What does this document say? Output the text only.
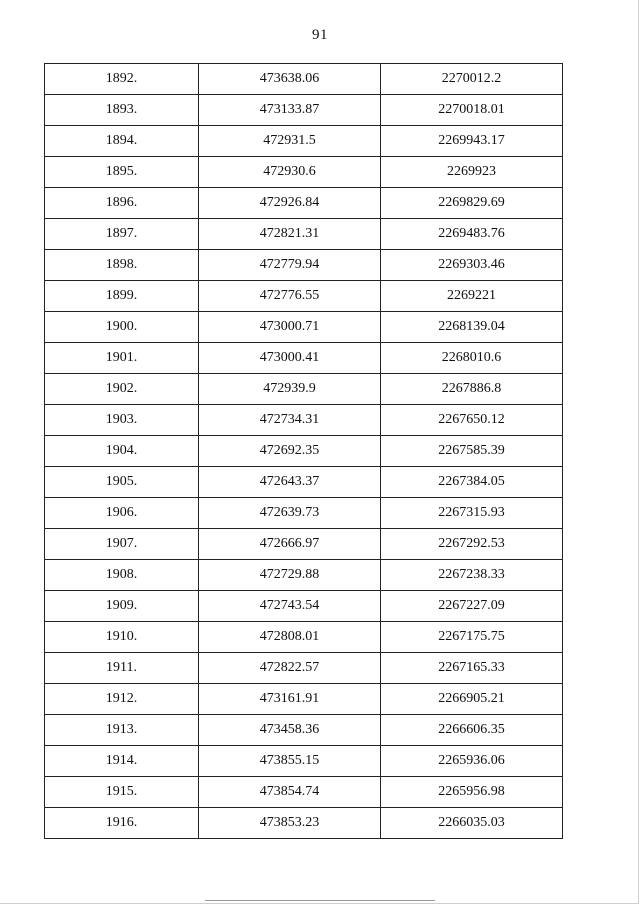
91
1892.	473638.06	2270012.2
1893.	473133.87	2270018.01
1894.	472931.5	2269943.17
1895.	472930.6	2269923
1896.	472926.84	2269829.69
1897.	472821.31	2269483.76
1898.	472779.94	2269303.46
1899.	472776.55	2269221
1900.	473000.71	2268139.04
1901.	473000.41	2268010.6
1902.	472939.9	2267886.8
1903.	472734.31	2267650.12
1904.	472692.35	2267585.39
1905.	472643.37	2267384.05
1906.	472639.73	2267315.93
1907.	472666.97	2267292.53
1908.	472729.88	2267238.33
1909.	472743.54	2267227.09
1910.	472808.01	2267175.75
1911.	472822.57	2267165.33
1912.	473161.91	2266905.21
1913.	473458.36	2266606.35
1914.	473855.15	2265936.06
1915.	473854.74	2265956.98
1916.	473853.23	2266035.03
